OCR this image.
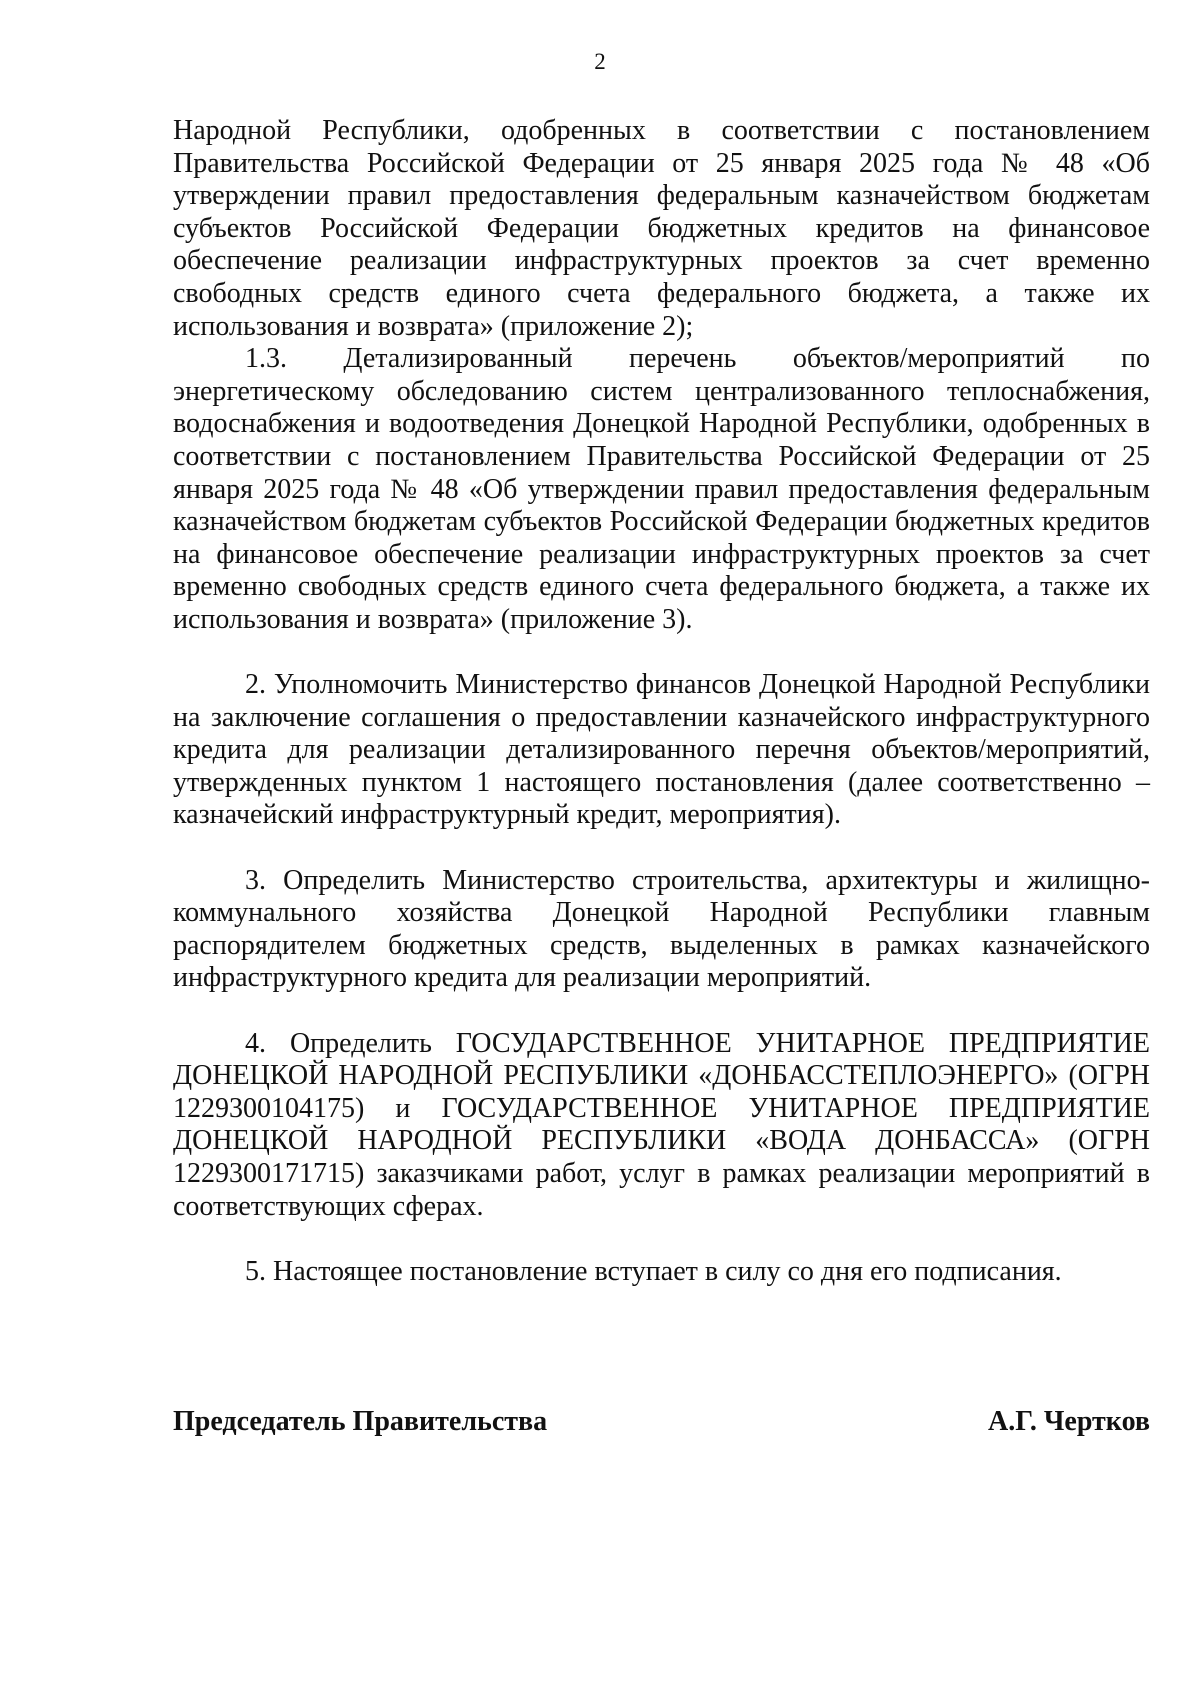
2

Народной Республики, одобренных в соответствии с постановлением Правительства Российской Федерации от 25 января 2025 года № 48 «Об утверждении правил предоставления федеральным казначейством бюджетам субъектов Российской Федерации бюджетных кредитов на финансовое обеспечение реализации инфраструктурных проектов за счет временно свободных средств единого счета федерального бюджета, а также их использования и возврата» (приложение 2);

1.3. Детализированный перечень объектов/мероприятий по энергетическому обследованию систем централизованного теплоснабжения, водоснабжения и водоотведения Донецкой Народной Республики, одобренных в соответствии с постановлением Правительства Российской Федерации от 25 января 2025 года № 48 «Об утверждении правил предоставления федеральным казначейством бюджетам субъектов Российской Федерации бюджетных кредитов на финансовое обеспечение реализации инфраструктурных проектов за счет временно свободных средств единого счета федерального бюджета, а также их использования и возврата» (приложение 3).

2. Уполномочить Министерство финансов Донецкой Народной Республики на заключение соглашения о предоставлении казначейского инфраструктурного кредита для реализации детализированного перечня объектов/мероприятий, утвержденных пунктом 1 настоящего постановления (далее соответственно – казначейский инфраструктурный кредит, мероприятия).

3. Определить Министерство строительства, архитектуры и жилищно-коммунального хозяйства Донецкой Народной Республики главным распорядителем бюджетных средств, выделенных в рамках казначейского инфраструктурного кредита для реализации мероприятий.

4. Определить ГОСУДАРСТВЕННОЕ УНИТАРНОЕ ПРЕДПРИЯТИЕ ДОНЕЦКОЙ НАРОДНОЙ РЕСПУБЛИКИ «ДОНБАССТЕПЛОЭНЕРГО» (ОГРН 1229300104175) и ГОСУДАРСТВЕННОЕ УНИТАРНОЕ ПРЕДПРИЯТИЕ ДОНЕЦКОЙ НАРОДНОЙ РЕСПУБЛИКИ «ВОДА ДОНБАССА» (ОГРН 1229300171715) заказчиками работ, услуг в рамках реализации мероприятий в соответствующих сферах.

5. Настоящее постановление вступает в силу со дня его подписания.

Председатель Правительства	А.Г. Чертков
